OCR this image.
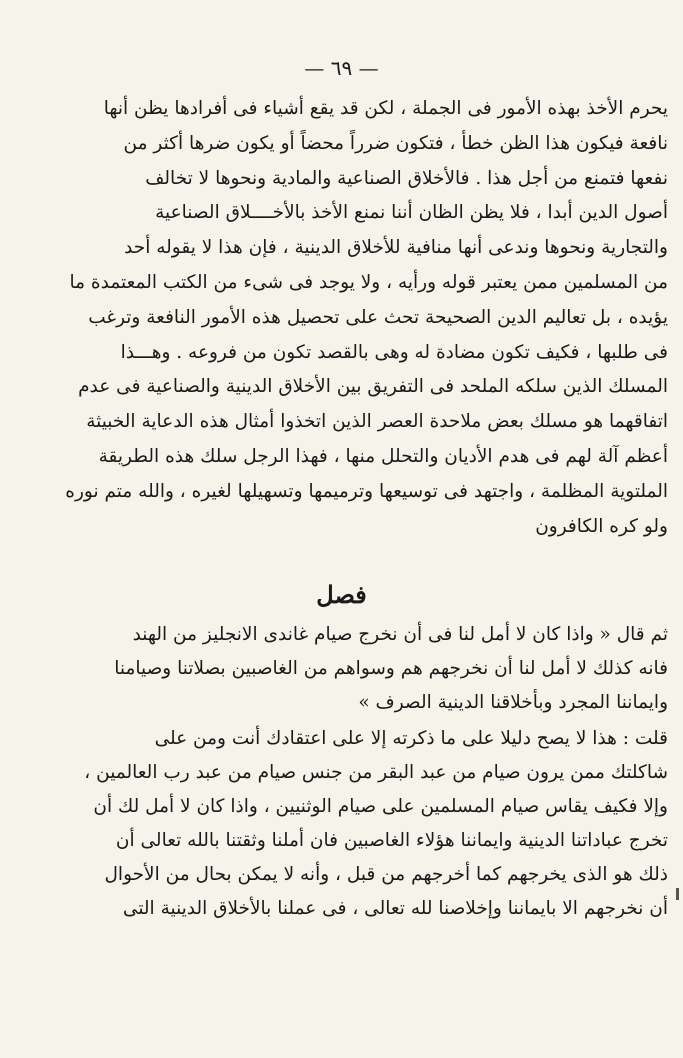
— ٦٩ —
يحرم الأخذ بهذه الأمور فى الجملة ، لكن قد يقع أشياء فى أفرادها يظن أنها
نافعة فيكون هذا الظن خطأ ، فتكون ضرراً محضاً أو يكون ضرها أكثر من
نفعها فتمنع من أجل هذا . فالأخلاق الصناعية والمادية ونحوها لا تخالف
أصول الدين أبدا ، فلا يظن الظان أننا نمنع الأخذ بالأخــــلاق الصناعية
والتجارية ونحوها وندعى أنها منافية للأخلاق الدينية ، فإن هذا لا يقوله أحد
من المسلمين ممن يعتبر قوله ورأيه ، ولا يوجد فى شىء من الكتب المعتمدة ما
يؤيده ، بل تعاليم الدين الصحيحة تحث على تحصيل هذه الأمور النافعة وترغب
فى طلبها ، فكيف تكون مضادة له وهى بالقصد تكون من فروعه . وهـــذا
المسلك الذين سلكه الملحد فى التفريق بين الأخلاق الدينية والصناعية فى عدم
اتفاقهما هو مسلك بعض ملاحدة العصر الذين اتخذوا أمثال هذه الدعاية الخبيثة
أعظم آلة لهم فى هدم الأديان والتحلل منها ، فهذا الرجل سلك هذه الطريقة
الملتوية المظلمة ، واجتهد فى توسيعها وترميمها وتسهيلها لغيره ، والله متم نوره
ولو كره الكافرون
فصل
ثم قال « واذا كان لا أمل لنا فى أن نخرج صيام غاندى الانجليز من الهند
فانه كذلك لا أمل لنا أن نخرجهم هم وسواهم من الغاصبين بصلاتنا وصيامنا
وايماننا المجرد وبأخلاقنا الدينية الصرف »
قلت : هذا لا يصح دليلا على ما ذكرته إلا على اعتقادك أنت ومن على
شاكلتك ممن يرون صيام من عبد البقر من جنس صيام من عبد رب العالمين ،
وإلا فكيف يقاس صيام المسلمين على صيام الوثنيين ، واذا كان لا أمل لك أن
تخرج عباداتنا الدينية وايماننا هؤلاء الغاصبين فان أملنا وثقتنا بالله تعالى أن
ذلك هو الذى يخرجهم كما أخرجهم من قبل ، وأنه لا يمكن بحال من الأحوال
أن نخرجهم الا بايماننا وإخلاصنا لله تعالى ، فى عملنا بالأخلاق الدينية التى
